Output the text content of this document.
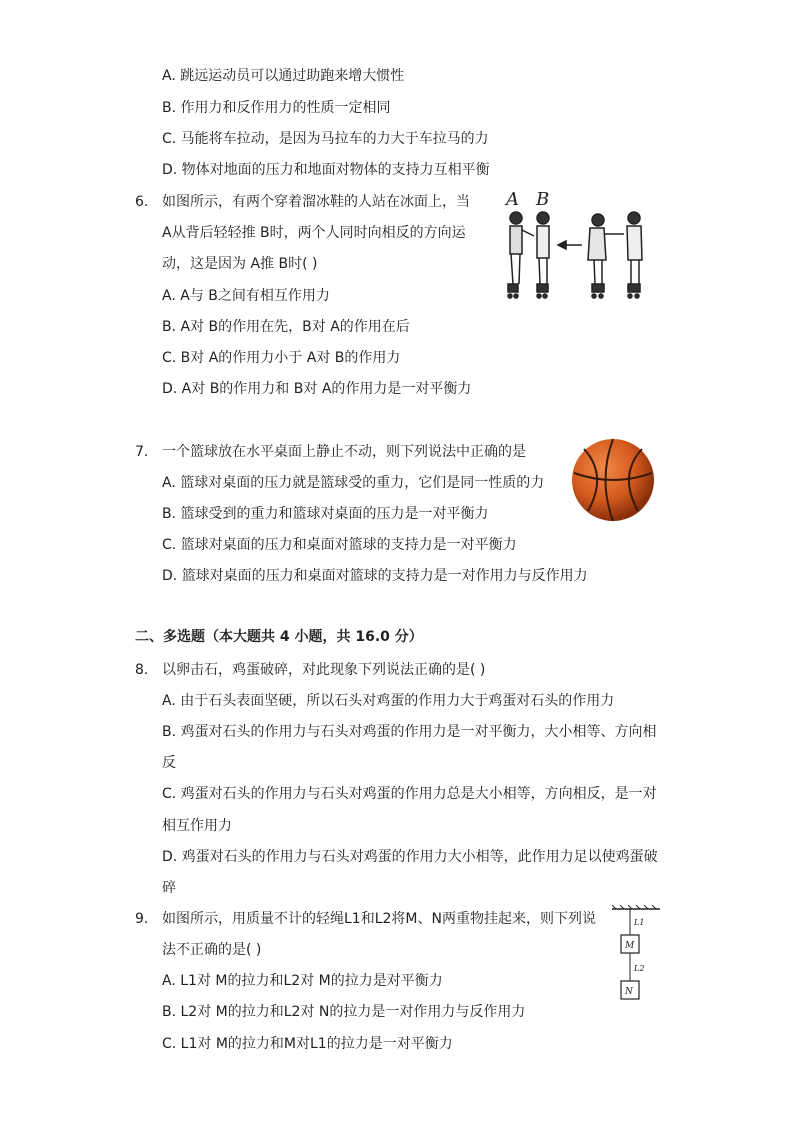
A. 跳远运动员可以通过助跑来增大惯性
B. 作用力和反作用力的性质一定相同
C. 马能将车拉动，是因为马拉车的力大于车拉马的力
D. 物体对地面的压力和地面对物体的支持力互相平衡
6. 如图所示，有两个穿着溜冰鞋的人站在冰面上，当
A从背后轻轻推 B时，两个人同时向相反的方向运
动，这是因为 A推 B时( )
A. A与 B之间有相互作用力
B. A对 B的作用在先，B对 A的作用在后
C. B对 A的作用力小于 A对 B的作用力
D. A对 B的作用力和 B对 A的作用力是一对平衡力
A B
7. 一个篮球放在水平桌面上静止不动，则下列说法中正确的是
A. 篮球对桌面的压力就是篮球受的重力，它们是同一性质的力
B. 篮球受到的重力和篮球对桌面的压力是一对平衡力
C. 篮球对桌面的压力和桌面对篮球的支持力是一对平衡力
D. 篮球对桌面的压力和桌面对篮球的支持力是一对作用力与反作用力
二、多选题（本大题共 4 小题，共 16.0 分）
8. 以卵击石，鸡蛋破碎，对此现象下列说法正确的是( )
A. 由于石头表面坚硬，所以石头对鸡蛋的作用力大于鸡蛋对石头的作用力
B. 鸡蛋对石头的作用力与石头对鸡蛋的作用力是一对平衡力，大小相等、方向相
反
C. 鸡蛋对石头的作用力与石头对鸡蛋的作用力总是大小相等，方向相反，是一对
相互作用力
D. 鸡蛋对石头的作用力与石头对鸡蛋的作用力大小相等，此作用力足以使鸡蛋破
碎
9. 如图所示，用质量不计的轻绳L1和L2将M、N两重物挂起来，则下列说
法不正确的是( )
A. L1对 M的拉力和L2对 M的拉力是对平衡力
B. L2对 M的拉力和L2对 N的拉力是一对作用力与反作用力
C. L1对 M的拉力和M对L1的拉力是一对平衡力
L1
M
L2
N
